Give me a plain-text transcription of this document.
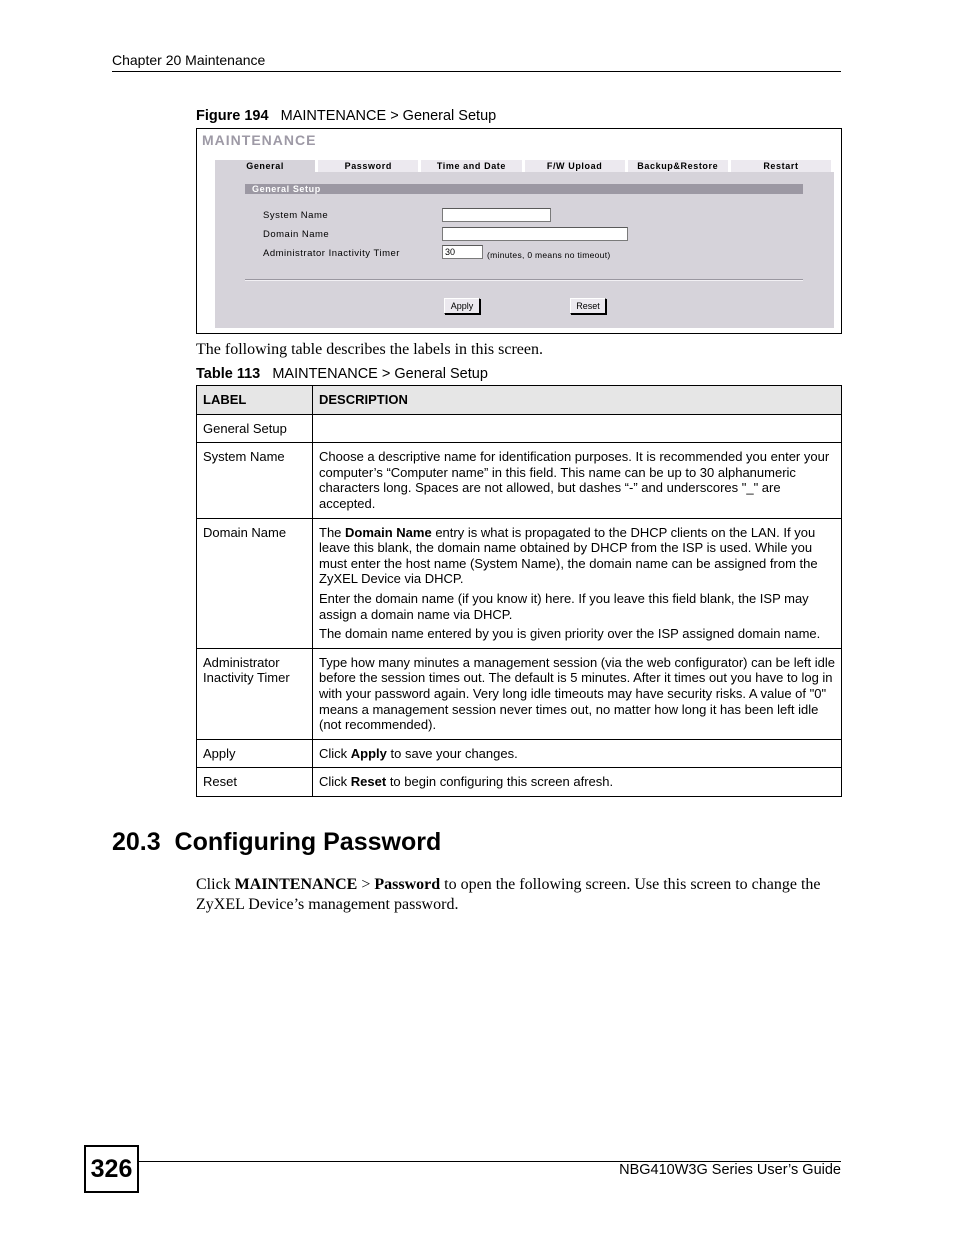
Chapter 20 Maintenance
Figure 194 MAINTENANCE > General Setup
MAINTENANCE
General	Password	Time and Date	F/W Upload	Backup&Restore	Restart
General Setup
System Name
Domain Name
Administrator Inactivity Timer
30	(minutes, 0 means no timeout)
Apply	Reset
The following table describes the labels in this screen.
Table 113 MAINTENANCE > General Setup
LABEL	DESCRIPTION
General Setup	
System Name	Choose a descriptive name for identification purposes. It is recommended you enter your computer’s “Computer name” in this field. This name can be up to 30 alphanumeric characters long. Spaces are not allowed, but dashes “-” and underscores "_" are accepted.
Domain Name	The Domain Name entry is what is propagated to the DHCP clients on the LAN. If you leave this blank, the domain name obtained by DHCP from the ISP is used. While you must enter the host name (System Name), the domain name can be assigned from the ZyXEL Device via DHCP.

Enter the domain name (if you know it) here. If you leave this field blank, the ISP may assign a domain name via DHCP.

The domain name entered by you is given priority over the ISP assigned domain name.

Administrator Inactivity Timer	Type how many minutes a management session (via the web configurator) can be left idle before the session times out. The default is 5 minutes. After it times out you have to log in with your password again. Very long idle timeouts may have security risks. A value of "0" means a management session never times out, no matter how long it has been left idle (not recommended).
Apply	Click Apply to save your changes.
Reset	Click Reset to begin configuring this screen afresh.
20.3  Configuring Password
Click MAINTENANCE > Password to open the following screen. Use this screen to change the ZyXEL Device’s management password.
326	NBG410W3G Series User’s Guide
